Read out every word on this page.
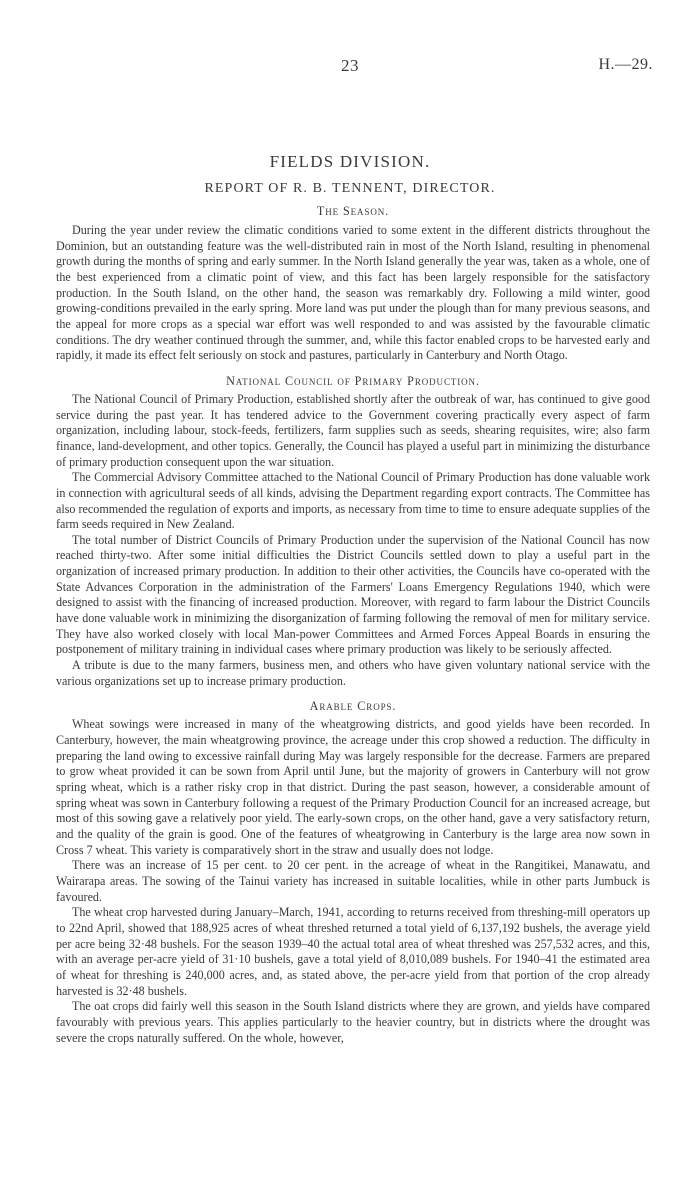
23	H.—29.
FIELDS DIVISION.
REPORT OF R. B. TENNENT, DIRECTOR.
The Season.

During the year under review the climatic conditions varied to some extent in the different districts throughout the Dominion, but an outstanding feature was the well-distributed rain in most of the North Island, resulting in phenomenal growth during the months of spring and early summer. In the North Island generally the year was, taken as a whole, one of the best experienced from a climatic point of view, and this fact has been largely responsible for the satisfactory production. In the South Island, on the other hand, the season was remarkably dry. Following a mild winter, good growing-conditions prevailed in the early spring. More land was put under the plough than for many previous seasons, and the appeal for more crops as a special war effort was well responded to and was assisted by the favourable climatic conditions. The dry weather continued through the summer, and, while this factor enabled crops to be harvested early and rapidly, it made its effect felt seriously on stock and pastures, particularly in Canterbury and North Otago.

National Council of Primary Production.

The National Council of Primary Production, established shortly after the outbreak of war, has continued to give good service during the past year. It has tendered advice to the Government covering practically every aspect of farm organization, including labour, stock-feeds, fertilizers, farm supplies such as seeds, shearing requisites, wire; also farm finance, land-development, and other topics. Generally, the Council has played a useful part in minimizing the disturbance of primary production consequent upon the war situation.

The Commercial Advisory Committee attached to the National Council of Primary Production has done valuable work in connection with agricultural seeds of all kinds, advising the Department regarding export contracts. The Committee has also recommended the regulation of exports and imports, as necessary from time to time to ensure adequate supplies of the farm seeds required in New Zealand.

The total number of District Councils of Primary Production under the supervision of the National Council has now reached thirty-two. After some initial difficulties the District Councils settled down to play a useful part in the organization of increased primary production. In addition to their other activities, the Councils have co-operated with the State Advances Corporation in the administration of the Farmers' Loans Emergency Regulations 1940, which were designed to assist with the financing of increased production. Moreover, with regard to farm labour the District Councils have done valuable work in minimizing the disorganization of farming following the removal of men for military service. They have also worked closely with local Man-power Committees and Armed Forces Appeal Boards in ensuring the postponement of military training in individual cases where primary production was likely to be seriously affected.

A tribute is due to the many farmers, business men, and others who have given voluntary national service with the various organizations set up to increase primary production.

Arable Crops.

Wheat sowings were increased in many of the wheatgrowing districts, and good yields have been recorded. In Canterbury, however, the main wheatgrowing province, the acreage under this crop showed a reduction. The difficulty in preparing the land owing to excessive rainfall during May was largely responsible for the decrease. Farmers are prepared to grow wheat provided it can be sown from April until June, but the majority of growers in Canterbury will not grow spring wheat, which is a rather risky crop in that district. During the past season, however, a considerable amount of spring wheat was sown in Canterbury following a request of the Primary Production Council for an increased acreage, but most of this sowing gave a relatively poor yield. The early-sown crops, on the other hand, gave a very satisfactory return, and the quality of the grain is good. One of the features of wheatgrowing in Canterbury is the large area now sown in Cross 7 wheat. This variety is comparatively short in the straw and usually does not lodge.

There was an increase of 15 per cent. to 20 cer pent. in the acreage of wheat in the Rangitikei, Manawatu, and Wairarapa areas. The sowing of the Tainui variety has increased in suitable localities, while in other parts Jumbuck is favoured.

The wheat crop harvested during January–March, 1941, according to returns received from threshing-mill operators up to 22nd April, showed that 188,925 acres of wheat threshed returned a total yield of 6,137,192 bushels, the average yield per acre being 32·48 bushels. For the season 1939–40 the actual total area of wheat threshed was 257,532 acres, and this, with an average per-acre yield of 31·10 bushels, gave a total yield of 8,010,089 bushels. For 1940–41 the estimated area of wheat for threshing is 240,000 acres, and, as stated above, the per-acre yield from that portion of the crop already harvested is 32·48 bushels.

The oat crops did fairly well this season in the South Island districts where they are grown, and yields have compared favourably with previous years. This applies particularly to the heavier country, but in districts where the drought was severe the crops naturally suffered. On the whole, however,
